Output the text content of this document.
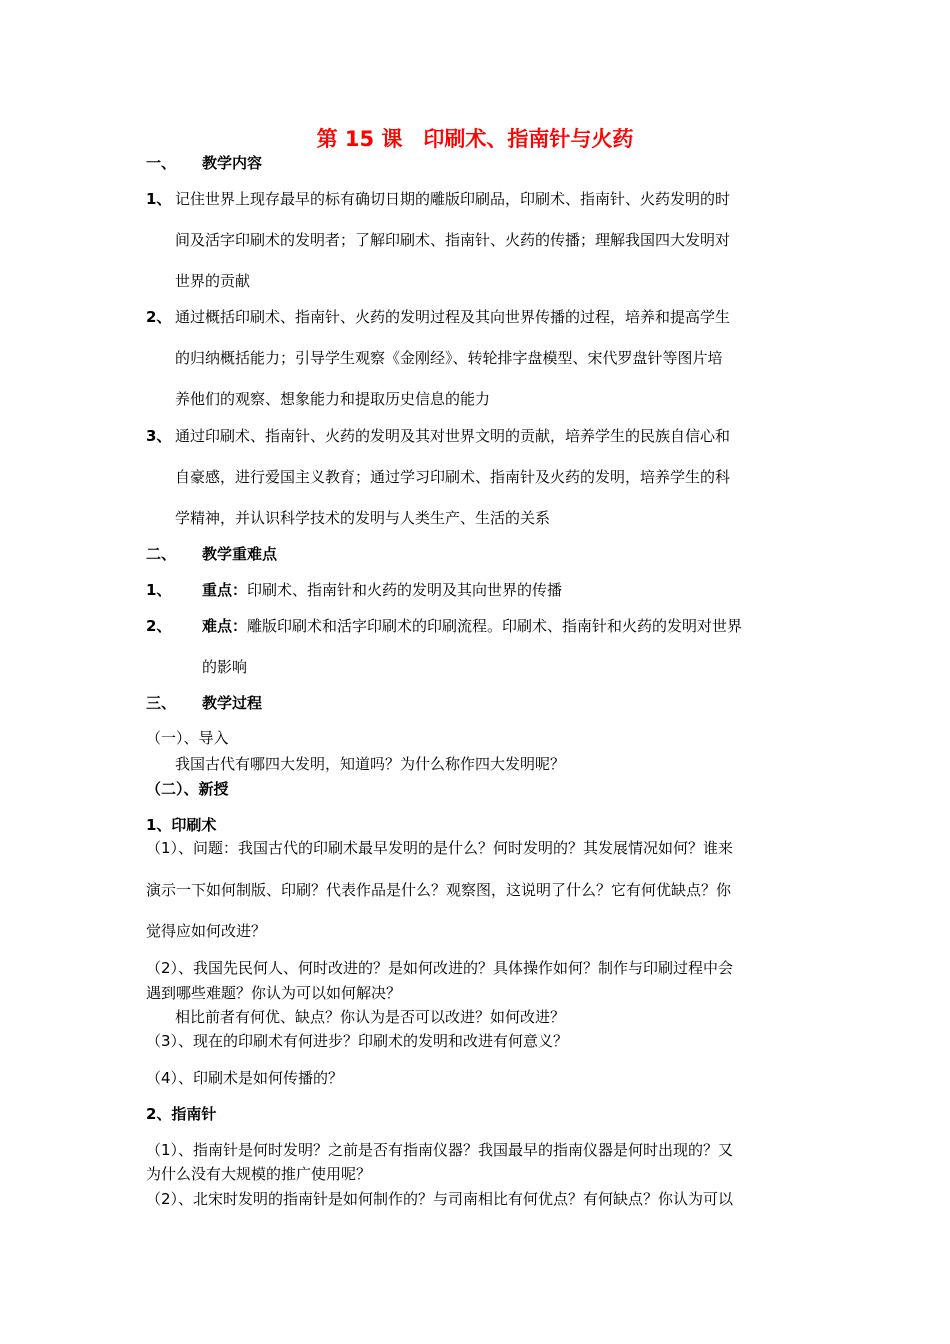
第 15 课　印刷术、指南针与火药
一、 教学内容
1、 记住世界上现存最早的标有确切日期的雕版印刷品，印刷术、指南针、火药发明的时
间及活字印刷术的发明者；了解印刷术、指南针、火药的传播；理解我国四大发明对
世界的贡献
2、 通过概括印刷术、指南针、火药的发明过程及其向世界传播的过程，培养和提高学生
的归纳概括能力；引导学生观察《金刚经》、转轮排字盘模型、宋代罗盘针等图片培
养他们的观察、想象能力和提取历史信息的能力
3、 通过印刷术、指南针、火药的发明及其对世界文明的贡献，培养学生的民族自信心和
自豪感，进行爱国主义教育；通过学习印刷术、指南针及火药的发明，培养学生的科
学精神，并认识科学技术的发明与人类生产、生活的关系
二、 教学重难点
1、 重点：印刷术、指南针和火药的发明及其向世界的传播
2、 难点：雕版印刷术和活字印刷术的印刷流程。印刷术、指南针和火药的发明对世界
的影响
三、 教学过程
（一）、导入
我国古代有哪四大发明，知道吗？为什么称作四大发明呢？
（二）、新授
1、印刷术
（1）、问题：我国古代的印刷术最早发明的是什么？何时发明的？其发展情况如何？谁来
演示一下如何制版、印刷？代表作品是什么？观察图，这说明了什么？它有何优缺点？你
觉得应如何改进？
（2）、我国先民何人、何时改进的？是如何改进的？具体操作如何？制作与印刷过程中会
遇到哪些难题？你认为可以如何解决？
相比前者有何优、缺点？你认为是否可以改进？如何改进？
（3）、现在的印刷术有何进步？印刷术的发明和改进有何意义？
（4）、印刷术是如何传播的？
2、指南针
（1）、指南针是何时发明？之前是否有指南仪器？我国最早的指南仪器是何时出现的？又
为什么没有大规模的推广使用呢？
（2）、北宋时发明的指南针是如何制作的？与司南相比有何优点？有何缺点？你认为可以
